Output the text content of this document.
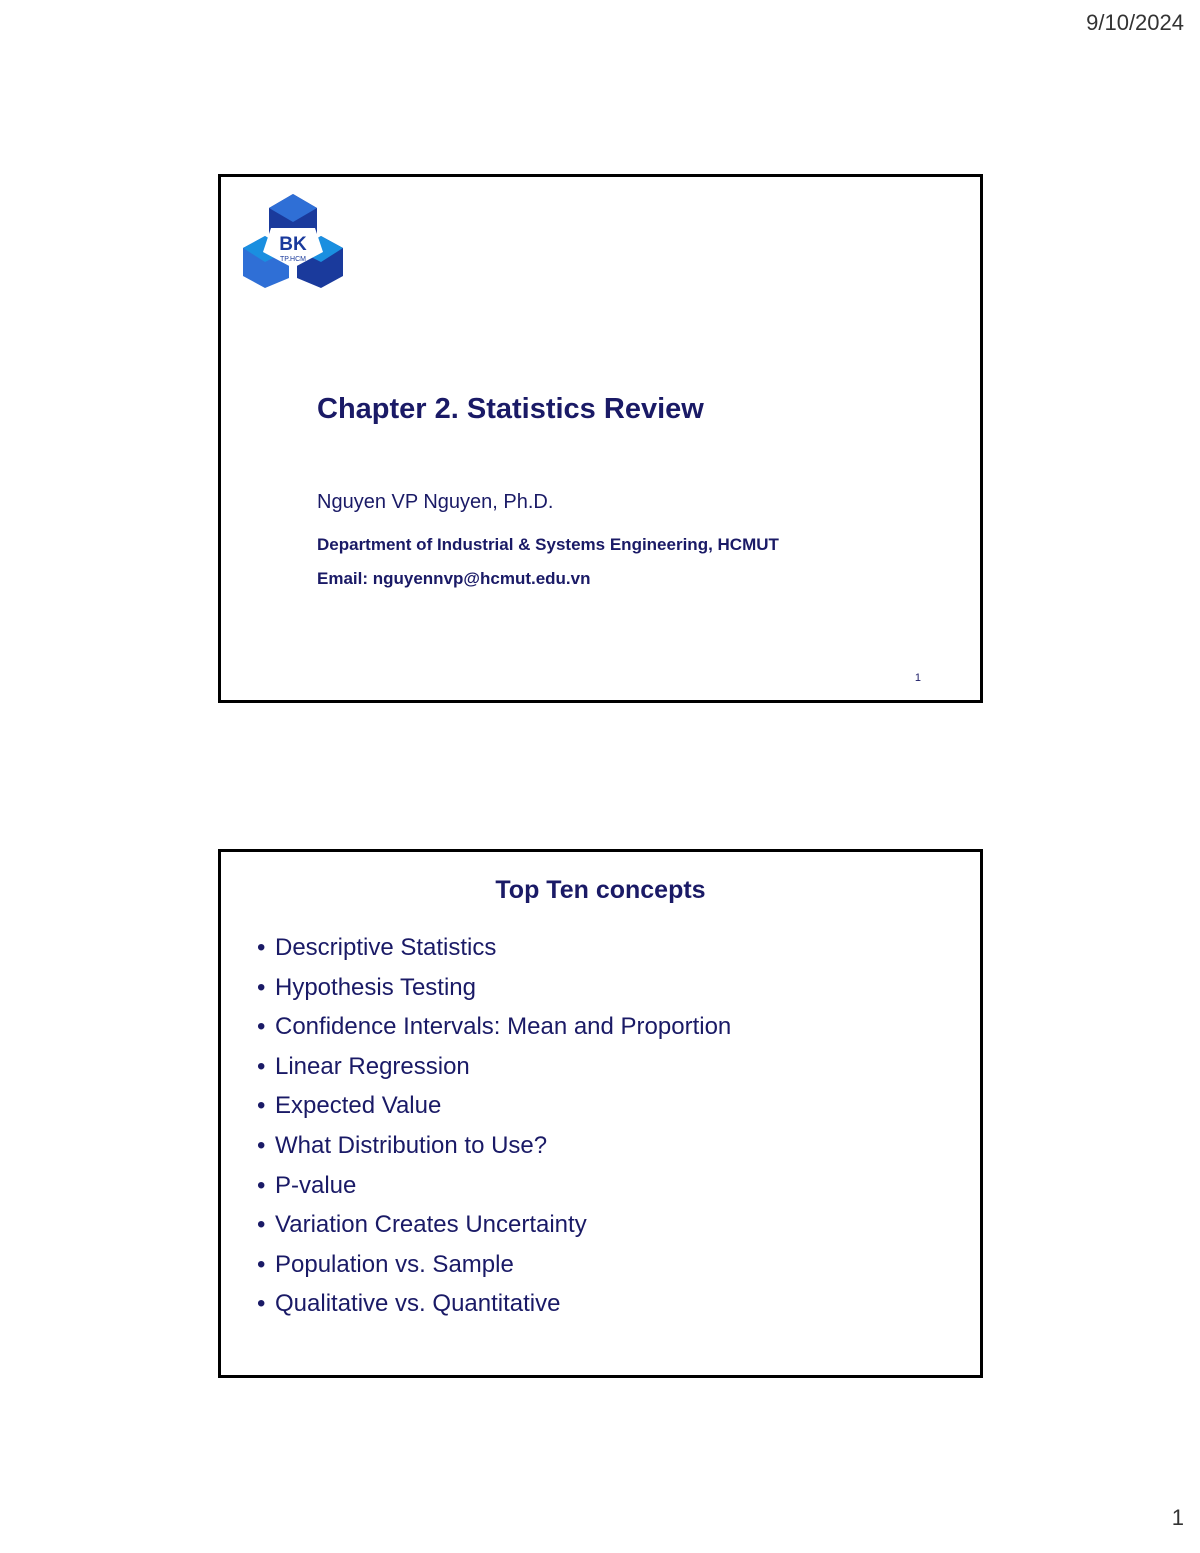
9/10/2024
BK
TP.HCM
Chapter 2. Statistics Review
Nguyen VP Nguyen, Ph.D.
Department of Industrial & Systems Engineering, HCMUT
Email: nguyennvp@hcmut.edu.vn
1
Top Ten concepts
• Descriptive Statistics
• Hypothesis Testing
• Confidence Intervals: Mean and Proportion
• Linear Regression
• Expected Value
• What Distribution to Use?
• P-value
• Variation Creates Uncertainty
• Population vs. Sample
• Qualitative vs. Quantitative
1
